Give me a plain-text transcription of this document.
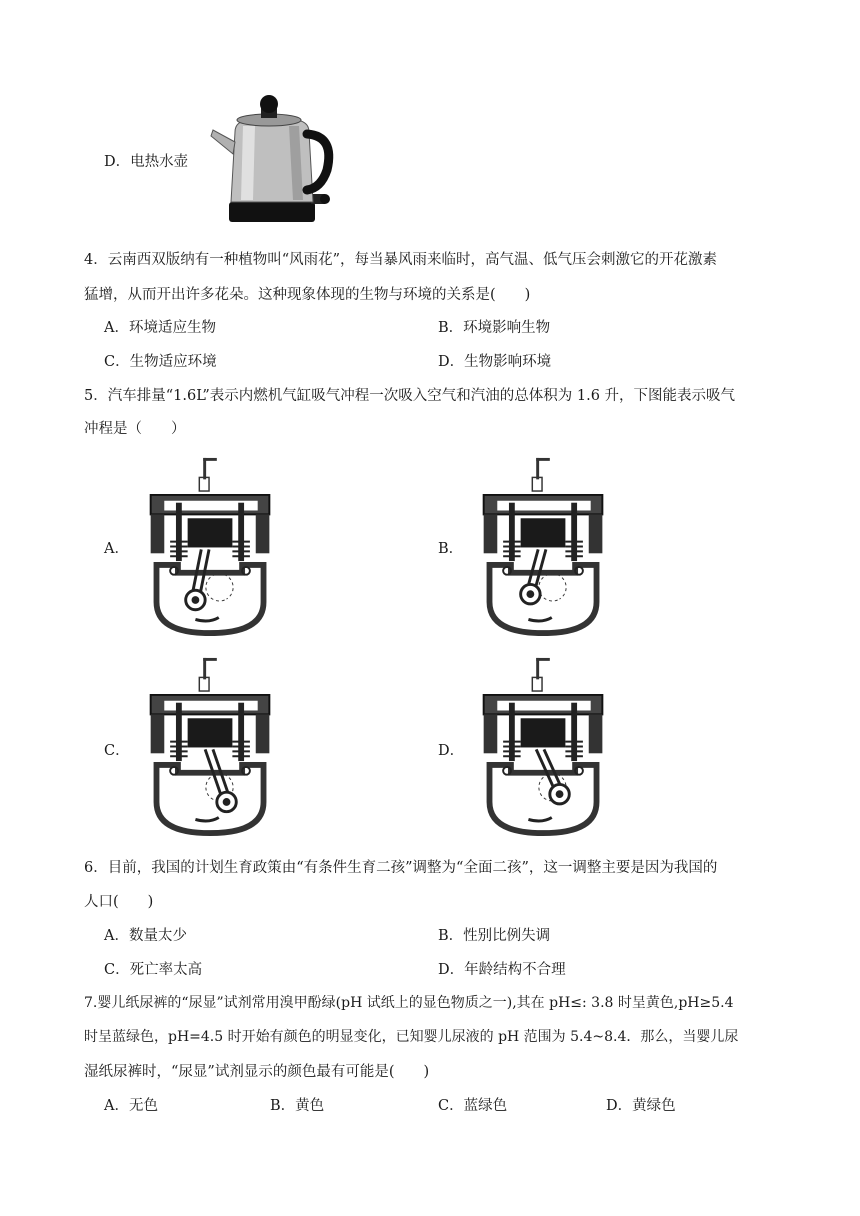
D．电热水壶
4．云南西双版纳有一种植物叫“风雨花”，每当暴风雨来临时，高气温、低气压会刺激它的开花激素
猛增，从而开出许多花朵。这种现象体现的生物与环境的关系是(　　)
A．环境适应生物	B．环境影响生物
C．生物适应环境	D．生物影响环境
5．汽车排量“1.6L”表示内燃机气缸吸气冲程一次吸入空气和汽油的总体积为 1.6 升，下图能表示吸气
冲程是（　　）
A．	B．
C．	D．
6．目前，我国的计划生育政策由“有条件生育二孩”调整为“全面二孩”，这一调整主要是因为我国的
人口(　　)
A．数量太少	B．性别比例失调
C．死亡率太高	D．年龄结构不合理
7.婴儿纸尿裤的“尿显”试剂常用溴甲酚绿(pH 试纸上的显色物质之一),其在 pH≤: 3.8 时呈黄色,pH≥5.4
时呈蓝绿色，pH=4.5 时开始有颜色的明显变化，已知婴儿尿液的 pH 范围为 5.4~8.4．那么，当婴儿尿
湿纸尿裤时，“尿显”试剂显示的颜色最有可能是(　　)
A．无色	B．黄色	C．蓝绿色	D．黄绿色
